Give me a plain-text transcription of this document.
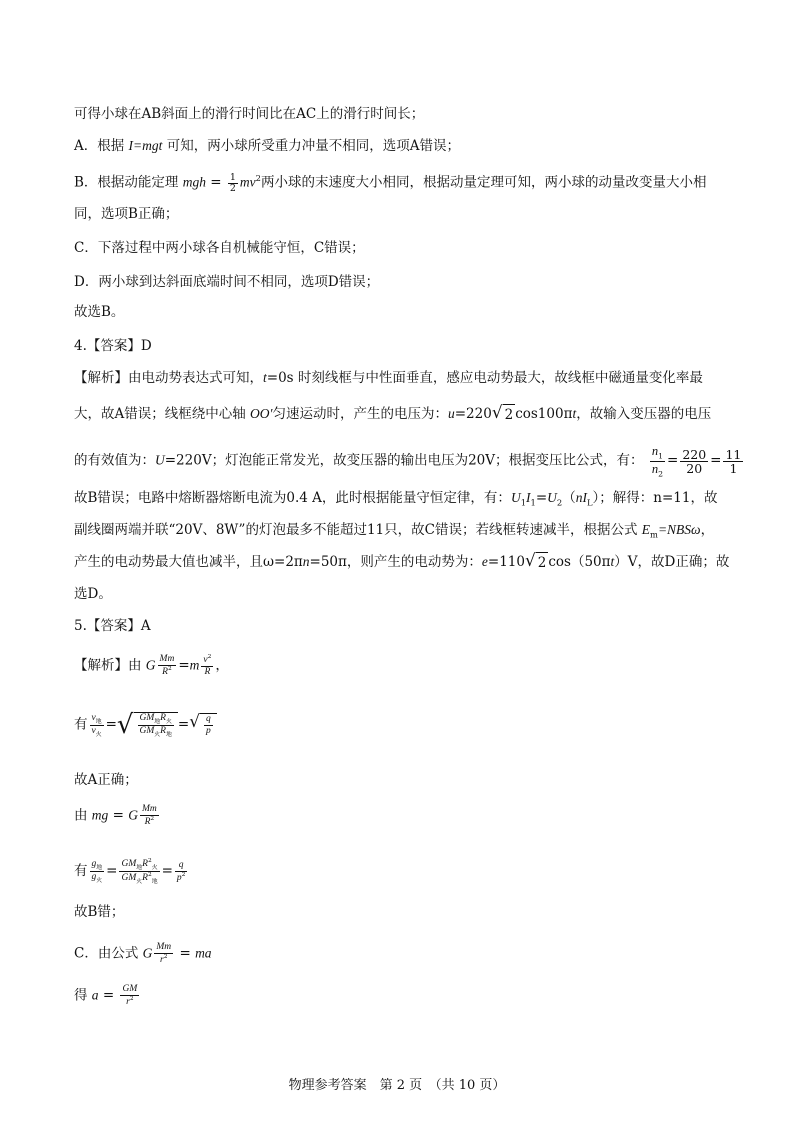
可得小球在AB斜面上的滑行时间比在AC上的滑行时间长；
A．根据 I=mgt 可知，两小球所受重力冲量不相同，选项A错误；
B．根据动能定理 mgh = $\frac{1}{2} mv^2$两小球的末速度大小相同，根据动量定理可知，两小球的动量改变量大小相
同，选项B正确；
C．下落过程中两小球各自机械能守恒，C错误；
D．两小球到达斜面底端时间不相同，选项D错误；
故选B。
4.【答案】D
【解析】由电动势表达式可知，t=0s 时刻线框与中性面垂直，感应电动势最大，故线框中磁通量变化率最
大，故A错误；线框绕中心轴 OO′匀速运动时，产生的电压为：u=220 √ 2 cos100πt，故输入变压器的电压
的有效值为：U=220V；灯泡能正常发光，故变压器的输出电压为20V；根据变压比公式，有： $\frac{n_1}{n_2} = \frac{220}{20} = \frac{11}{1}$
故B错误；电路中熔断器熔断电流为0.4 A，此时根据能量守恒定律，有：$U_1I_1=U_2(nI_L)$；解得：n=11，故
副线圈两端并联“20V、8W”的灯泡最多不能超过11只，故C错误；若线框转速减半，根据公式 $E_m=NBS\omega$，
产生的电动势最大值也减半，且ω=2πn=50π，则产生的电动势为：e=110 √ 2 cos（50πt）V，故D正确；故
选D。
5.【答案】A
【解析】由 G $\frac{Mm}{R^2} =m \frac{v^2}{R}$ ，
有 $\frac{v_地}{v_火}$ = √ $\frac{GM_地R_火}{GM_火R_地}$ = √ $\frac{q}{p}$
故A正确；
由 mg = G $\frac{Mm}{R^2}$
有 $\frac{g_地}{g_火} = \frac{GM_地R^2_火}{GM_火R^2_地} = \frac{q}{p^2}$
故B错；
C．由公式 G $\frac{Mm}{r^2}$ = ma
得 $a = \frac{GM}{r^2}$
物理参考答案　第 2 页　（共 10 页）
